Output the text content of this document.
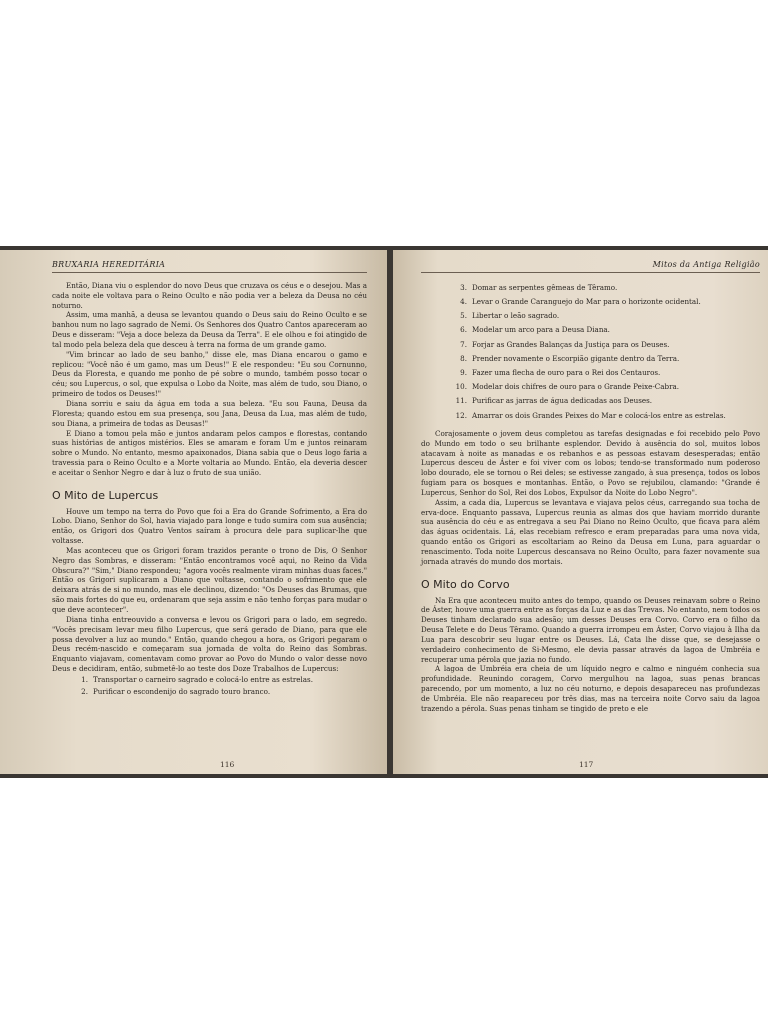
BRUXARIA HEREDITÁRIA

Então, Diana viu o esplendor do novo Deus que cruzava os céus e o desejou. Mas a cada noite ele voltava para o Reino Oculto e não podia ver a beleza da Deusa no céu noturno.

Assim, uma manhã, a deusa se levantou quando o Deus saiu do Reino Oculto e se banhou num no lago sagrado de Nemi. Os Senhores dos Quatro Cantos apareceram ao Deus e disseram: "Veja a doce beleza da Deusa da Terra". E ele olhou e foi atingido de tal modo pela beleza dela que desceu à terra na forma de um grande gamo.

"Vim brincar ao lado de seu banho," disse ele, mas Diana encarou o gamo e replicou: "Você não é um gamo, mas um Deus!" E ele respondeu: "Eu sou Cornunno, Deus da Floresta, e quando me ponho de pé sobre o mundo, também posso tocar o céu; sou Lupercus, o sol, que expulsa o Lobo da Noite, mas além de tudo, sou Diano, o primeiro de todos os Deuses!"

Diana sorriu e saiu da água em toda a sua beleza. "Eu sou Fauna, Deusa da Floresta; quando estou em sua presença, sou Jana, Deusa da Lua, mas além de tudo, sou Diana, a primeira de todas as Deusas!"

E Diano a tomou pela mão e juntos andaram pelos campos e florestas, contando suas histórias de antigos mistérios. Eles se amaram e foram Um e juntos reinaram sobre o Mundo. No entanto, mesmo apaixonados, Diana sabia que o Deus logo faria a travessia para o Reino Oculto e a Morte voltaria ao Mundo. Então, ela deveria descer e aceitar o Senhor Negro e dar à luz o fruto de sua união.

O Mito de Lupercus

Houve um tempo na terra do Povo que foi a Era do Grande Sofrimento, a Era do Lobo. Diano, Senhor do Sol, havia viajado para longe e tudo sumira com sua ausência; então, os Grigori dos Quatro Ventos saíram à procura dele para suplicar-lhe que voltasse.

Mas aconteceu que os Grigori foram trazidos perante o trono de Dis, O Senhor Negro das Sombras, e disseram: "Então encontramos você aqui, no Reino da Vida Obscura?" "Sim," Diano respondeu; "agora vocês realmente viram minhas duas faces." Então os Grigori suplicaram a Diano que voltasse, contando o sofrimento que ele deixara atrás de si no mundo, mas ele declinou, dizendo: "Os Deuses das Brumas, que são mais fortes do que eu, ordenaram que seja assim e não tenho forças para mudar o que deve acontecer".

Diana tinha entreouvido a conversa e levou os Grigori para o lado, em segredo. "Vocês precisam levar meu filho Lupercus, que será gerado de Diano, para que ele possa devolver a luz ao mundo." Então, quando chegou a hora, os Grigori pegaram o Deus recém-nascido e começaram sua jornada de volta do Reino das Sombras. Enquanto viajavam, comentavam como provar ao Povo do Mundo o valor desse novo Deus e decidiram, então, submetê-lo ao teste dos Doze Trabalhos de Lupercus:

1. Transportar o carneiro sagrado e colocá-lo entre as estrelas.
2. Purificar o escondenijo do sagrado touro branco.
116
Mitos da Antiga Religião
3. Domar as serpentes gêmeas de Têramo.
4. Levar o Grande Caranguejo do Mar para o horizonte ocidental.
5. Libertar o leão sagrado.
6. Modelar um arco para a Deusa Diana.
7. Forjar as Grandes Balanças da Justiça para os Deuses.
8. Prender novamente o Escorpião gigante dentro da Terra.
9. Fazer uma flecha de ouro para o Rei dos Centauros.
10. Modelar dois chifres de ouro para o Grande Peixe-Cabra.
11. Purificar as jarras de água dedicadas aos Deuses.
12. Amarrar os dois Grandes Peixes do Mar e colocá-los entre as estrelas.

Corajosamente o jovem deus completou as tarefas designadas e foi recebido pelo Povo do Mundo em todo o seu brilhante esplendor. Devido à ausência do sol, muitos lobos atacavam à noite as manadas e os rebanhos e as pessoas estavam desesperadas; então Lupercus desceu de Áster e foi viver com os lobos; tendo-se transformado num poderoso lobo dourado, ele se tornou o Rei deles; se estivesse zangado, à sua presença, todos os lobos fugiam para os bosques e montanhas. Então, o Povo se rejubilou, clamando: "Grande é Lupercus, Senhor do Sol, Rei dos Lobos, Expulsor da Noite do Lobo Negro".

Assim, a cada dia, Lupercus se levantava e viajava pelos céus, carregando sua tocha de erva-doce. Enquanto passava, Lupercus reunia as almas dos que haviam morrido durante sua ausência do céu e as entregava a seu Pai Diano no Reino Oculto, que ficava para além das águas ocidentais. Lá, elas recebiam refresco e eram preparadas para uma nova vida, quando então os Grigori as escoltariam ao Reino da Deusa em Luna, para aguardar o renascimento. Toda noite Lupercus descansava no Reino Oculto, para fazer novamente sua jornada através do mundo dos mortais.

O Mito do Corvo

Na Era que aconteceu muito antes do tempo, quando os Deuses reinavam sobre o Reino de Áster, houve uma guerra entre as forças da Luz e as das Trevas. No entanto, nem todos os Deuses tinham declarado sua adesão; um desses Deuses era Corvo. Corvo era o filho da Deusa Telete e do Deus Têramo. Quando a guerra irrompeu em Áster, Corvo viajou à Ilha da Lua para descobrir seu lugar entre os Deuses. Lá, Cata lhe disse que, se desejasse o verdadeiro conhecimento de Si-Mesmo, ele devia passar através da lagoa de Umbréia e recuperar uma pérola que jazia no fundo.

A lagoa de Umbréia era cheia de um líquido negro e calmo e ninguém conhecia sua profundidade. Reunindo coragem, Corvo mergulhou na lagoa, suas penas brancas parecendo, por um momento, a luz no céu noturno, e depois desapareceu nas profundezas de Umbréia. Ele não reapareceu por três dias, mas na terceira noite Corvo saiu da lagoa trazendo a pérola. Suas penas tinham se tingido de preto e ele

117
